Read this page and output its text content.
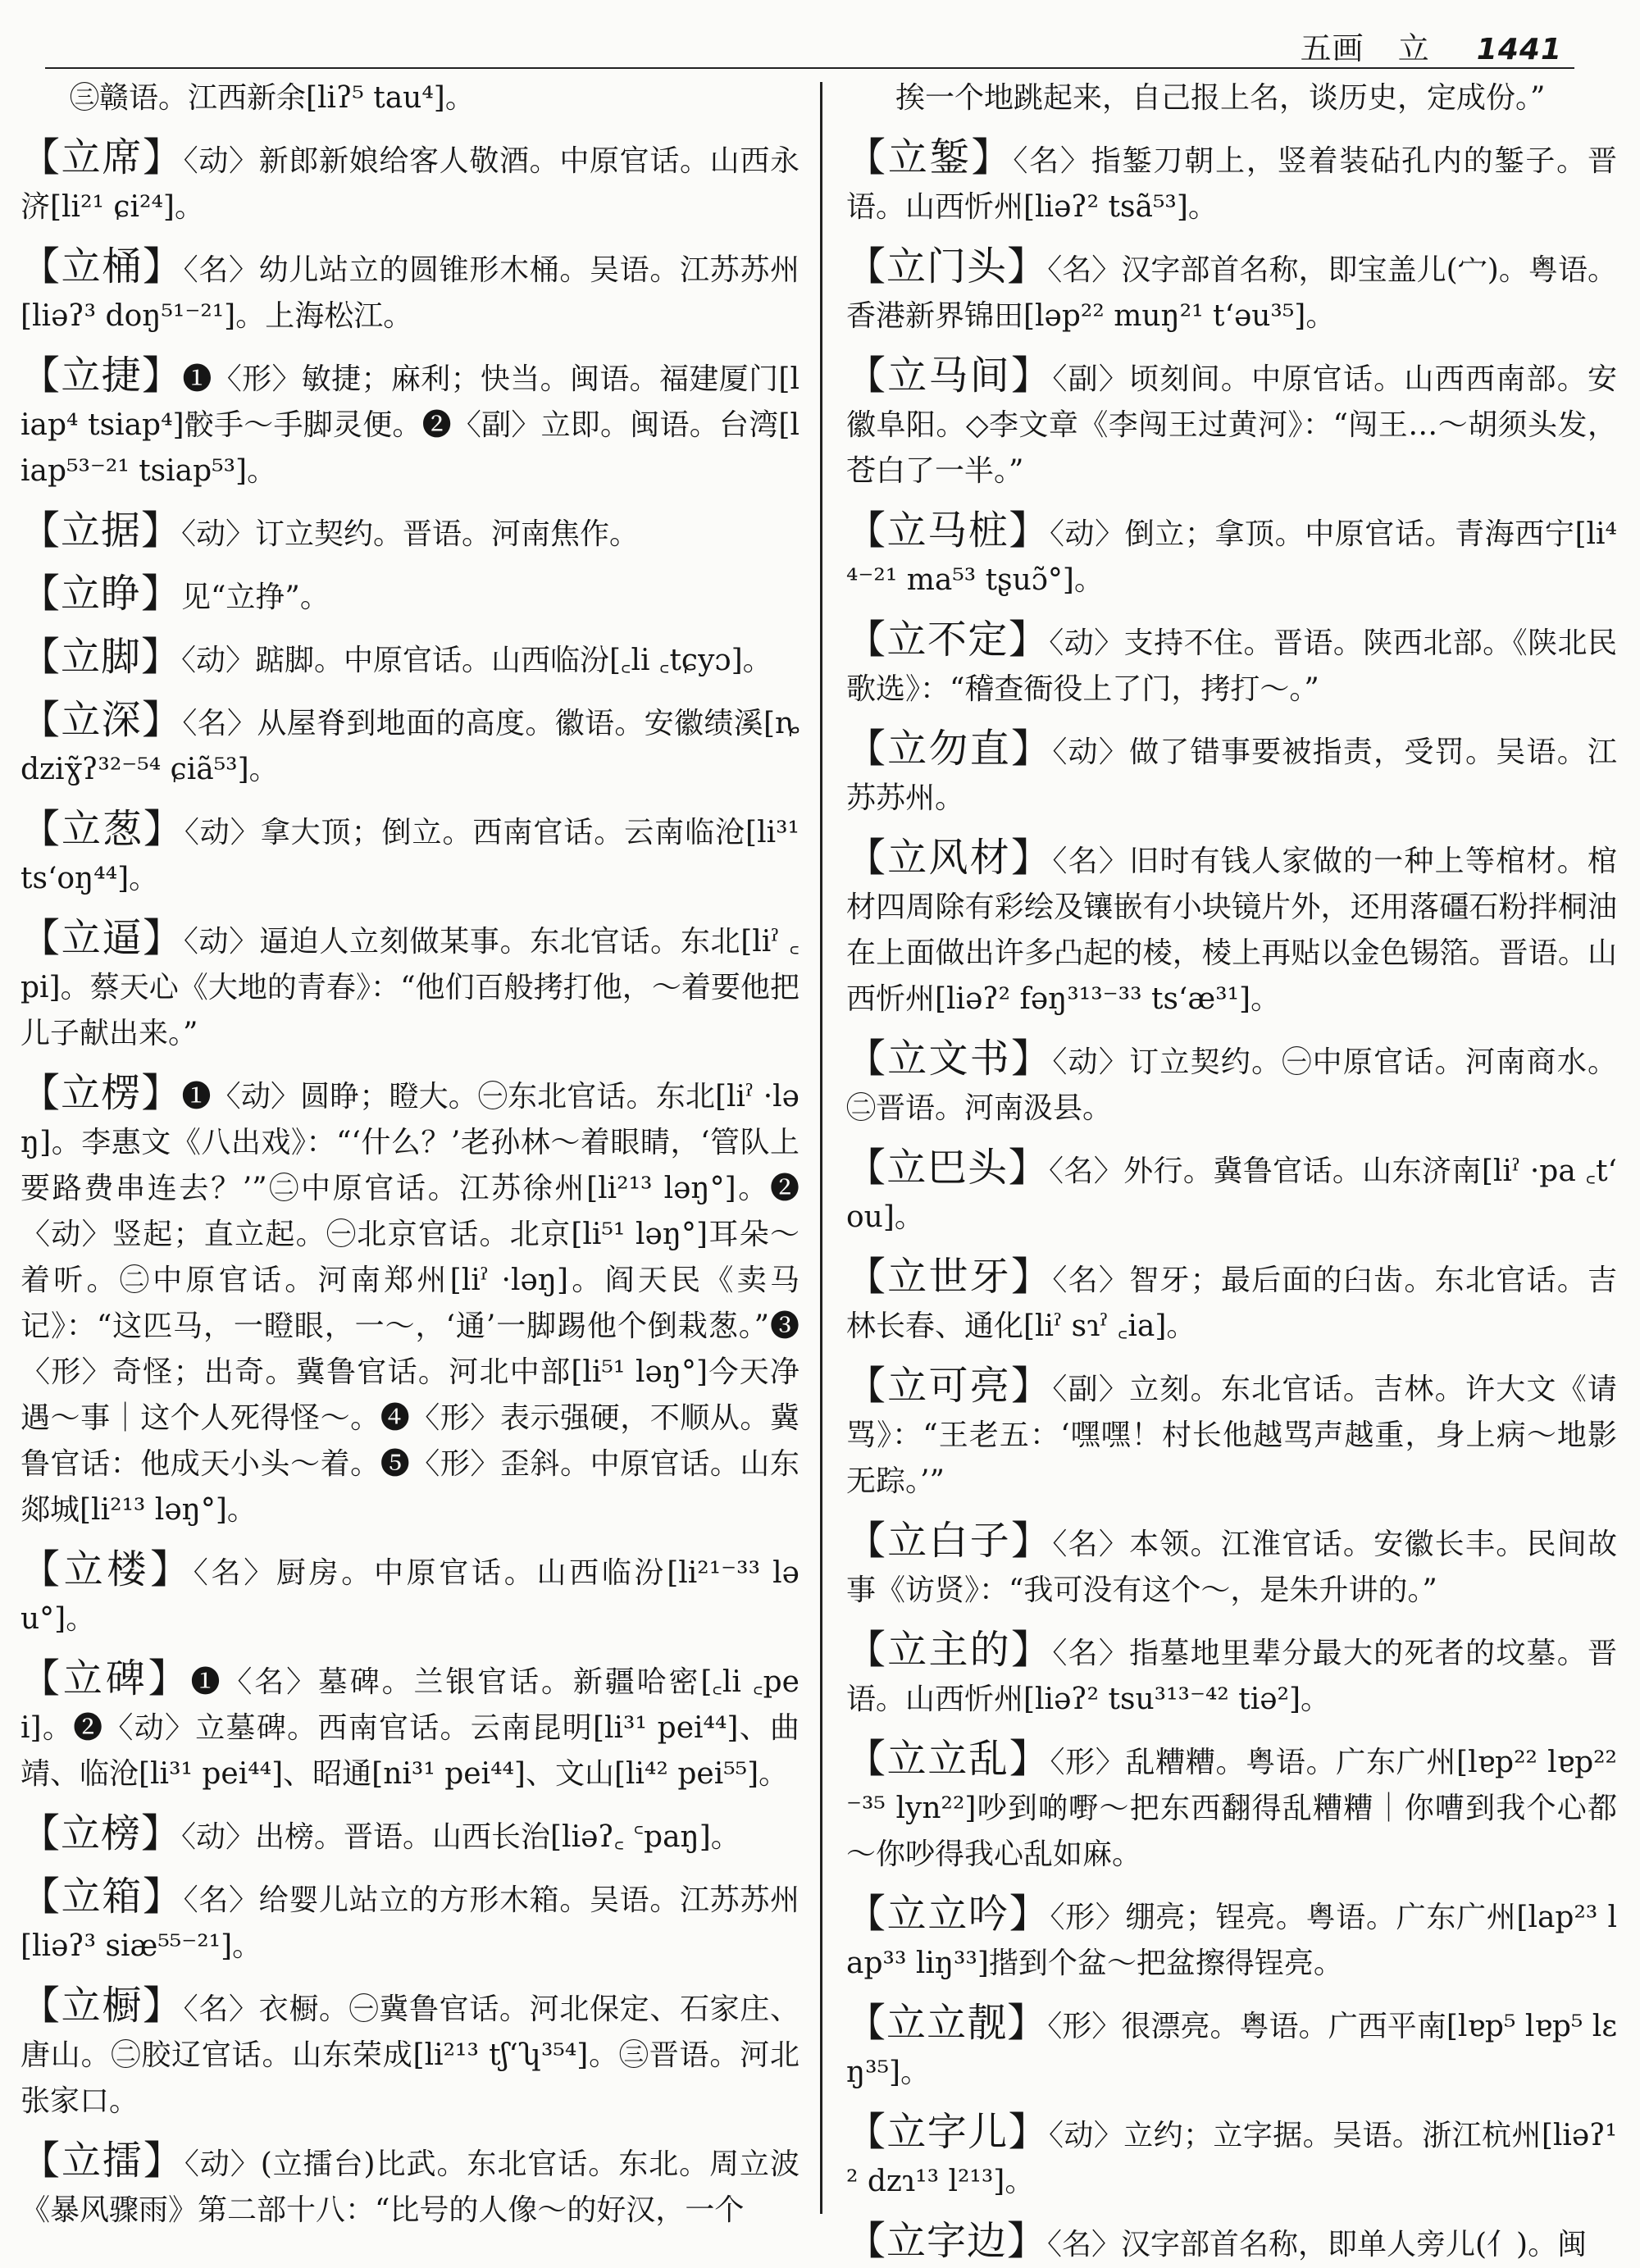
五画 立 1441

㊂赣语。江西新余[liʔ⁵ tau⁴]。

【立席】〈动〉新郎新娘给客人敬酒。中原官话。山西永济[li²¹ ɕi²⁴]。

【立桶】〈名〉幼儿站立的圆锥形木桶。吴语。江苏苏州[liəʔ³ doŋ⁵¹⁻²¹]。上海松江。

【立捷】❶〈形〉敏捷；麻利；快当。闽语。福建厦门[liap⁴ tsiap⁴]骹手～手脚灵便。❷〈副〉立即。闽语。台湾[liap⁵³⁻²¹ tsiap⁵³]。

【立据】〈动〉订立契约。晋语。河南焦作。

【立睁】见“立挣”。

【立脚】〈动〉踮脚。中原官话。山西临汾[꜀li ꜀tɕyɔ]。

【立深】〈名〉从屋脊到地面的高度。徽语。安徽绩溪[ȵdziɣ̃ʔ³²⁻⁵⁴ ɕiã⁵³]。

【立葱】〈动〉拿大顶；倒立。西南官话。云南临沧[li³¹ tsʻoŋ⁴⁴]。

【立逼】〈动〉逼迫人立刻做某事。东北官话。东北[liˀ ꜀pi]。蔡天心《大地的青春》：“他们百般拷打他，～着要他把儿子献出来。”

【立楞】❶〈动〉圆睁；瞪大。㊀东北官话。东北[liˀ ·ləŋ]。李惠文《八出戏》：“‘什么？’老孙林～着眼睛，‘管队上要路费串连去？’”㊁中原官话。江苏徐州[li²¹³ ləŋ°]。❷〈动〉竖起；直立起。㊀北京官话。北京[li⁵¹ ləŋ°]耳朵～着听。㊁中原官话。河南郑州[liˀ ·ləŋ]。阎天民《卖马记》：“这匹马，一瞪眼，一～，‘通’一脚踢他个倒栽葱。”❸〈形〉奇怪；出奇。冀鲁官话。河北中部[li⁵¹ ləŋ°]今天净遇～事｜这个人死得怪～。❹〈形〉表示强硬，不顺从。冀鲁官话：他成天小头～着。❺〈形〉歪斜。中原官话。山东郯城[li²¹³ ləŋ°]。

【立楼】〈名〉厨房。中原官话。山西临汾[li²¹⁻³³ ləu°]。

【立碑】❶〈名〉墓碑。兰银官话。新疆哈密[꜀li ꜀pei]。❷〈动〉立墓碑。西南官话。云南昆明[li³¹ pei⁴⁴]、曲靖、临沧[li³¹ pei⁴⁴]、昭通[ni³¹ pei⁴⁴]、文山[li⁴² pei⁵⁵]。

【立榜】〈动〉出榜。晋语。山西长治[liəʔ꜀ ꜂paŋ]。

【立箱】〈名〉给婴儿站立的方形木箱。吴语。江苏苏州[liəʔ³ siæ⁵⁵⁻²¹]。

【立橱】〈名〉衣橱。㊀冀鲁官话。河北保定、石家庄、唐山。㊁胶辽官话。山东荣成[li²¹³ tʃʻʮ³⁵⁴]。㊂晋语。河北张家口。

【立擂】〈动〉(立擂台)比武。东北官话。东北。周立波《暴风骤雨》第二部十八：“比号的人像～的好汉，一个

挨一个地跳起来，自己报上名，谈历史，定成份。”

【立錾】〈名〉指錾刀朝上，竖着装砧孔内的錾子。晋语。山西忻州[liəʔ² tsã⁵³]。

【立门头】〈名〉汉字部首名称，即宝盖儿(宀)。粤语。香港新界锦田[ləp²² muŋ²¹ tʻəu³⁵]。

【立马间】〈副〉顷刻间。中原官话。山西西南部。安徽阜阳。◇李文章《李闯王过黄河》：“闯王…～胡须头发，苍白了一半。”

【立马桩】〈动〉倒立；拿顶。中原官话。青海西宁[li⁴⁴⁻²¹ ma⁵³ tʂuɔ̃°]。

【立不定】〈动〉支持不住。晋语。陕西北部。《陕北民歌选》：“稽查衙役上了门，拷打～。”

【立勿直】〈动〉做了错事要被指责，受罚。吴语。江苏苏州。

【立风材】〈名〉旧时有钱人家做的一种上等棺材。棺材四周除有彩绘及镶嵌有小块镜片外，还用落礓石粉拌桐油在上面做出许多凸起的棱，棱上再贴以金色锡箔。晋语。山西忻州[liəʔ² fəŋ³¹³⁻³³ tsʻæ³¹]。

【立文书】〈动〉订立契约。㊀中原官话。河南商水。㊁晋语。河南汲县。

【立巴头】〈名〉外行。冀鲁官话。山东济南[liˀ ·pa ꜀tʻou]。

【立世牙】〈名〉智牙；最后面的臼齿。东北官话。吉林长春、通化[liˀ sɿˀ ꜀ia]。

【立可亮】〈副〉立刻。东北官话。吉林。许大文《请骂》：“王老五：‘嘿嘿！村长他越骂声越重，身上病～地影无踪。’”

【立白子】〈名〉本领。江淮官话。安徽长丰。民间故事《访贤》：“我可没有这个～，是朱升讲的。”

【立主的】〈名〉指墓地里辈分最大的死者的坟墓。晋语。山西忻州[liəʔ² tsu³¹³⁻⁴² tiə²]。

【立立乱】〈形〉乱糟糟。粤语。广东广州[lɐp²² lɐp²²⁻³⁵ lyn²²]吵到啲嘢～把东西翻得乱糟糟｜你嘈到我个心都～你吵得我心乱如麻。

【立立吟】〈形〉绷亮；锃亮。粤语。广东广州[lap²³ lap³³ liŋ³³]揩到个盆～把盆擦得锃亮。

【立立靓】〈形〉很漂亮。粤语。广西平南[lɐp⁵ lɐp⁵ lɛŋ³⁵]。

【立字儿】〈动〉立约；立字据。吴语。浙江杭州[liəʔ¹² dzɿ¹³ l²¹³]。

【立字边】〈名〉汉字部首名称，即单人旁儿(亻)。闽
